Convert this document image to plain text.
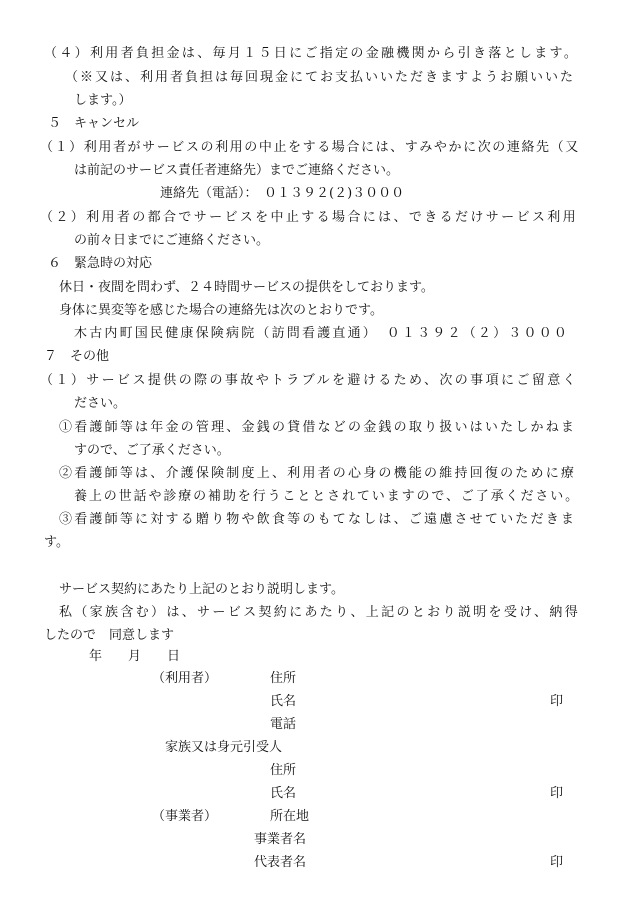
（４）利用者負担金は、毎月１５日にご指定の金融機関から引き落とします。
（※又は、利用者負担は毎回現金にてお支払いいただきますようお願いいた
します。）
５　キャンセル
（１）利用者がサービスの利用の中止をする場合には、すみやかに次の連絡先（又
は前記のサービス責任者連絡先）までご連絡ください。
連絡先（電話）：　０１３９２(２)３０００
（２）利用者の都合でサービスを中止する場合には、できるだけサービス利用
の前々日までにご連絡ください。
６　緊急時の対応
休日・夜間を問わず、２４時間サービスの提供をしております。
身体に異変等を感じた場合の連絡先は次のとおりです。
木古内町国民健康保険病院（訪問看護直通）　０１３９２（２）３０００
７　その他
（１）サービス提供の際の事故やトラブルを避けるため、次の事項にご留意く
ださい。
①看護師等は年金の管理、金銭の貸借などの金銭の取り扱いはいたしかねま
すので、ご了承ください。
②看護師等は、介護保険制度上、利用者の心身の機能の維持回復のために療
養上の世話や診療の補助を行うこととされていますので、ご了承ください。
③看護師等に対する贈り物や飲食等のもてなしは、ご遠慮させていただきま
す。
サービス契約にあたり上記のとおり説明します。
私（家族含む）は、サービス契約にあたり、上記のとおり説明を受け、納得
したので　同意します
年　　月　　日
（利用者）	住所
氏名	印
電話
家族又は身元引受人
住所
氏名	印
（事業者）	所在地
事業者名
代表者名	印
